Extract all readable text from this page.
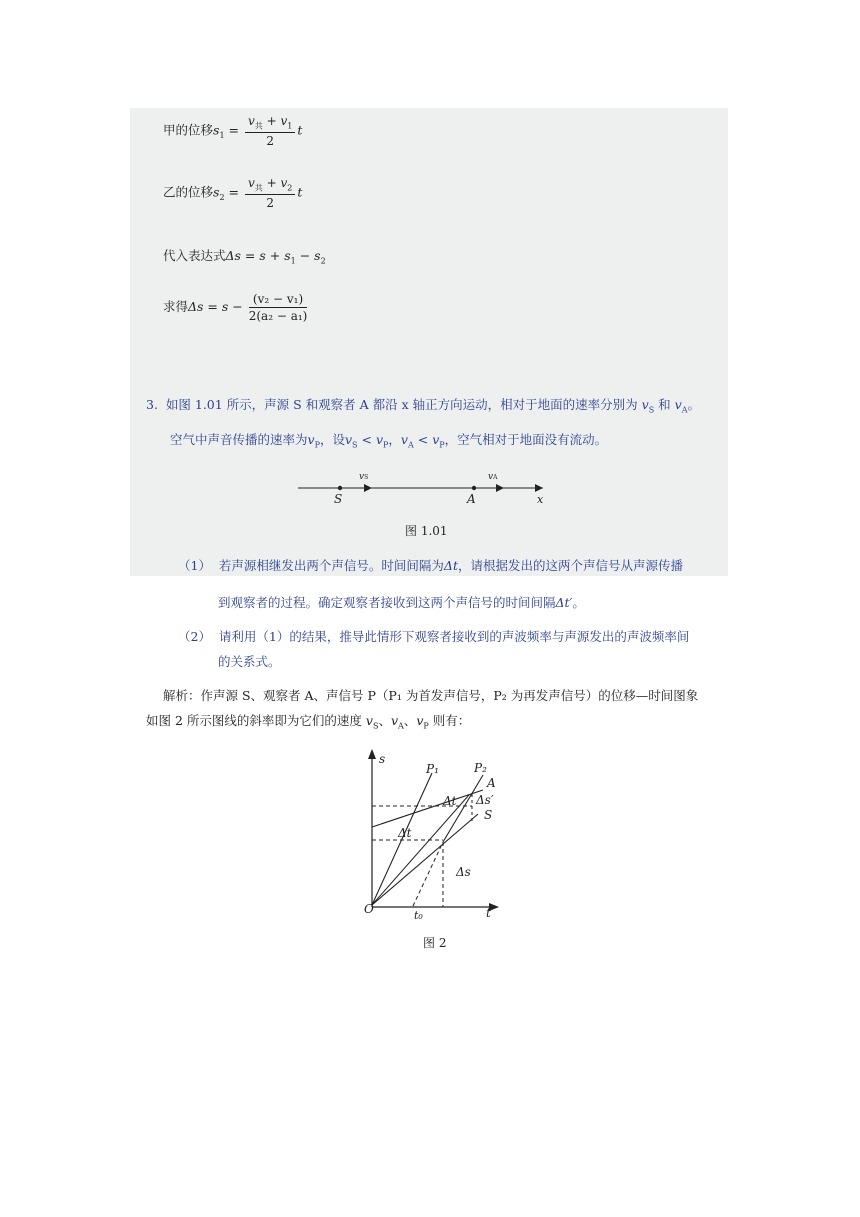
甲的位移$s_1 = \frac{v_共 + v_1}{2}$ t
乙的位移$s_2 = \frac{v_共 + v_2}{2}$ t
代入表达式$\Delta s = s + s_1 - s_2$
求得$\Delta s = s - \frac{\text{(v₂ − v₁)}}{\text{2(a₂ − a₁)}}$
3. 如图 1.01 所示，声源 S 和观察者 A 都沿 x 轴正方向运动，相对于地面的速率分别为 $v_S$ 和 $v_A$。
空气中声音传播的速率为$v_P$，设$v_S < v_P$，$v_A < v_P$，空气相对于地面没有流动。
vS	vA
S	A	x
图 1.01
（1） 若声源相继发出两个声信号。时间间隔为Δt，请根据发出的这两个声信号从声源传播
到观察者的过程。确定观察者接收到这两个声信号的时间间隔Δt′。
（2） 请利用（1）的结果，推导此情形下观察者接收到的声波频率与声源发出的声波频率间
的关系式。
解析：作声源 S、观察者 A、声信号 P（P₁ 为首发声信号，P₂ 为再发声信号）的位移—时间图象
如图 2 所示图线的斜率即为它们的速度 $v_S$、$v_A$、$v_P$ 则有：
s
t
O	t₀
P₁	P₂
A
S
Δt
Δt Δs′
Δs
图 2
